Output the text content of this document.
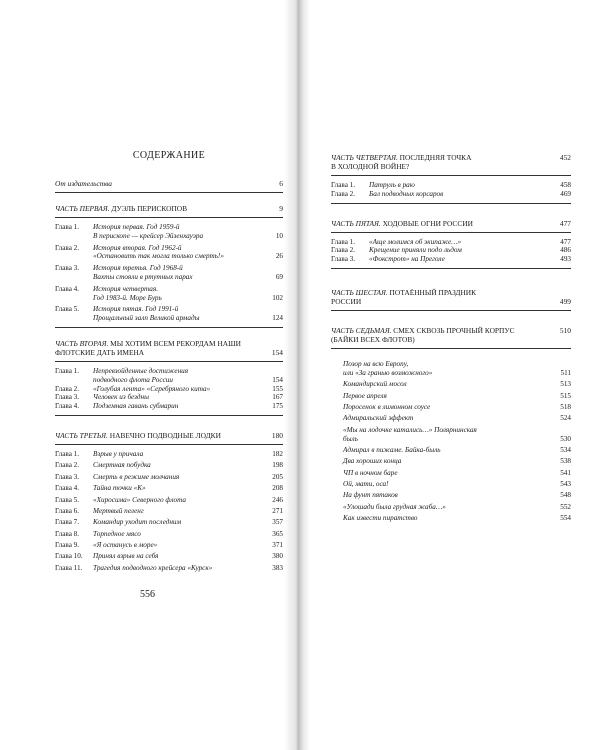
СОДЕРЖАНИЕ
От издательства	6
ЧАСТЬ ПЕРВАЯ. ДУЭЛЬ ПЕРИСКОПОВ	9
Глава 1.	История первая. Год 1959-й
В перископе — крейсер Эйзенхауэра	10
Глава 2.	История вторая. Год 1962-й
«Остановить так могла только смерть!»	26
Глава 3.	История третья. Год 1968-й
Вахты стояли в ртутных парах	69
Глава 4.	История четвертая.
Год 1983-й. Море Бурь	102
Глава 5.	История пятая. Год 1991-й
Прощальный залп Великой армады	124
ЧАСТЬ ВТОРАЯ. МЫ ХОТИМ ВСЕМ РЕКОРДАМ НАШИ
ФЛОТСКИЕ ДАТЬ ИМЕНА	154
Глава 1.	Непревзойденные достижения
подводного флота России	154
Глава 2.	«Голубая лента» «Серебряного кита»	155
Глава 3.	Человек из бездны	167
Глава 4.	Подземная гавань субмарин	175
ЧАСТЬ ТРЕТЬЯ. НАВЕЧНО ПОДВОДНЫЕ ЛОДКИ	180
Глава 1.	Взрыв у причала	182
Глава 2.	Смертная побудка	198
Глава 3.	Смерть в режиме молчания	205
Глава 4.	Тайна точки «К»	208
Глава 5.	«Хиросима» Северного флота	246
Глава 6.	Мертвый пеленг	271
Глава 7.	Командир уходит последним	357
Глава 8.	Торпедное мясо	365
Глава 9.	«Я останусь в море»	371
Глава 10.	Принял взрыв на себя	380
Глава 11.	Трагедия подводного крейсера «Курск»	383
556
ЧАСТЬ ЧЕТВЕРТАЯ. ПОСЛЕДНЯЯ ТОЧКА
В ХОЛОДНОЙ ВОЙНЕ?
452
Глава 1.	Патруль в раю	458
Глава 2.	Бал подводных корсаров	469
ЧАСТЬ ПЯТАЯ. ХОДОВЫЕ ОГНИ РОССИИ	477
Глава 1.	«Аще молимся об экипаже…»	477
Глава 2.	Крещение приняли подо льдом	486
Глава 3.	«Фокстрот» на Преголе	493
ЧАСТЬ ШЕСТАЯ. ПОТАЁННЫЙ ПРАЗДНИК
РОССИИ	499
ЧАСТЬ СЕДЬМАЯ. СМЕХ СКВОЗЬ ПРОЧНЫЙ КОРПУС
(БАЙКИ ВСЕХ ФЛОТОВ)
510
Позор на всю Европу,
или «За гранью возможного»	511
Командирский мосол	513
Первое апреля	515
Поросенок в лимонном соусе	518
Адмиральский эффект	524
«Мы на лодочке катались…» Полярнинская
быль	530
Адмирал в пижаме. Байка-быль	534
Два хороших конца	538
ЧП в ночном баре	541
Ой, мати, оса!	543
На фунт пятаков	548
«Улошади была грудная жаба…»	552
Как извести пиратство	554
